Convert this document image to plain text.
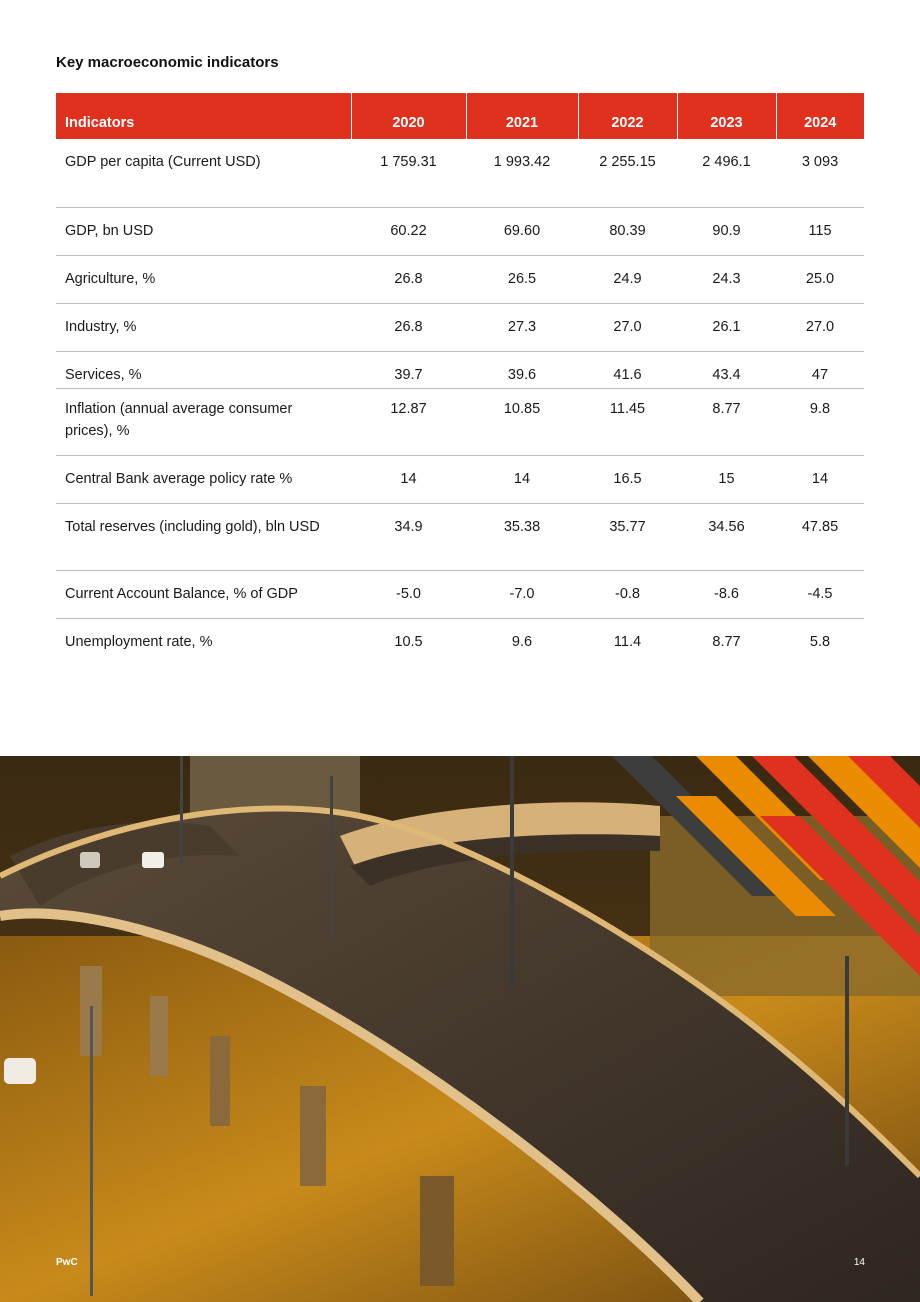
Key macroeconomic indicators
Indicators	2020	2021	2022	2023	2024
GDP per capita (Current USD)	1 759.31	1 993.42	2 255.15	2 496.1	3 093
GDP, bn USD	60.22	69.60	80.39	90.9	115
Agriculture, %	26.8	26.5	24.9	24.3	25.0
Industry, %	26.8	27.3	27.0	26.1	27.0
Services, %	39.7	39.6	41.6	43.4	47
Inflation (annual average consumer prices), %	12.87	10.85	11.45	8.77	9.8
Central Bank average policy rate %	14	14	16.5	15	14
Total reserves (including gold), bln USD	34.9	35.38	35.77	34.56	47.85
Current Account Balance, % of GDP	-5.0	-7.0	-0.8	-8.6	-4.5
Unemployment rate, %	10.5	9.6	11.4	8.77	5.8
PwC	14
